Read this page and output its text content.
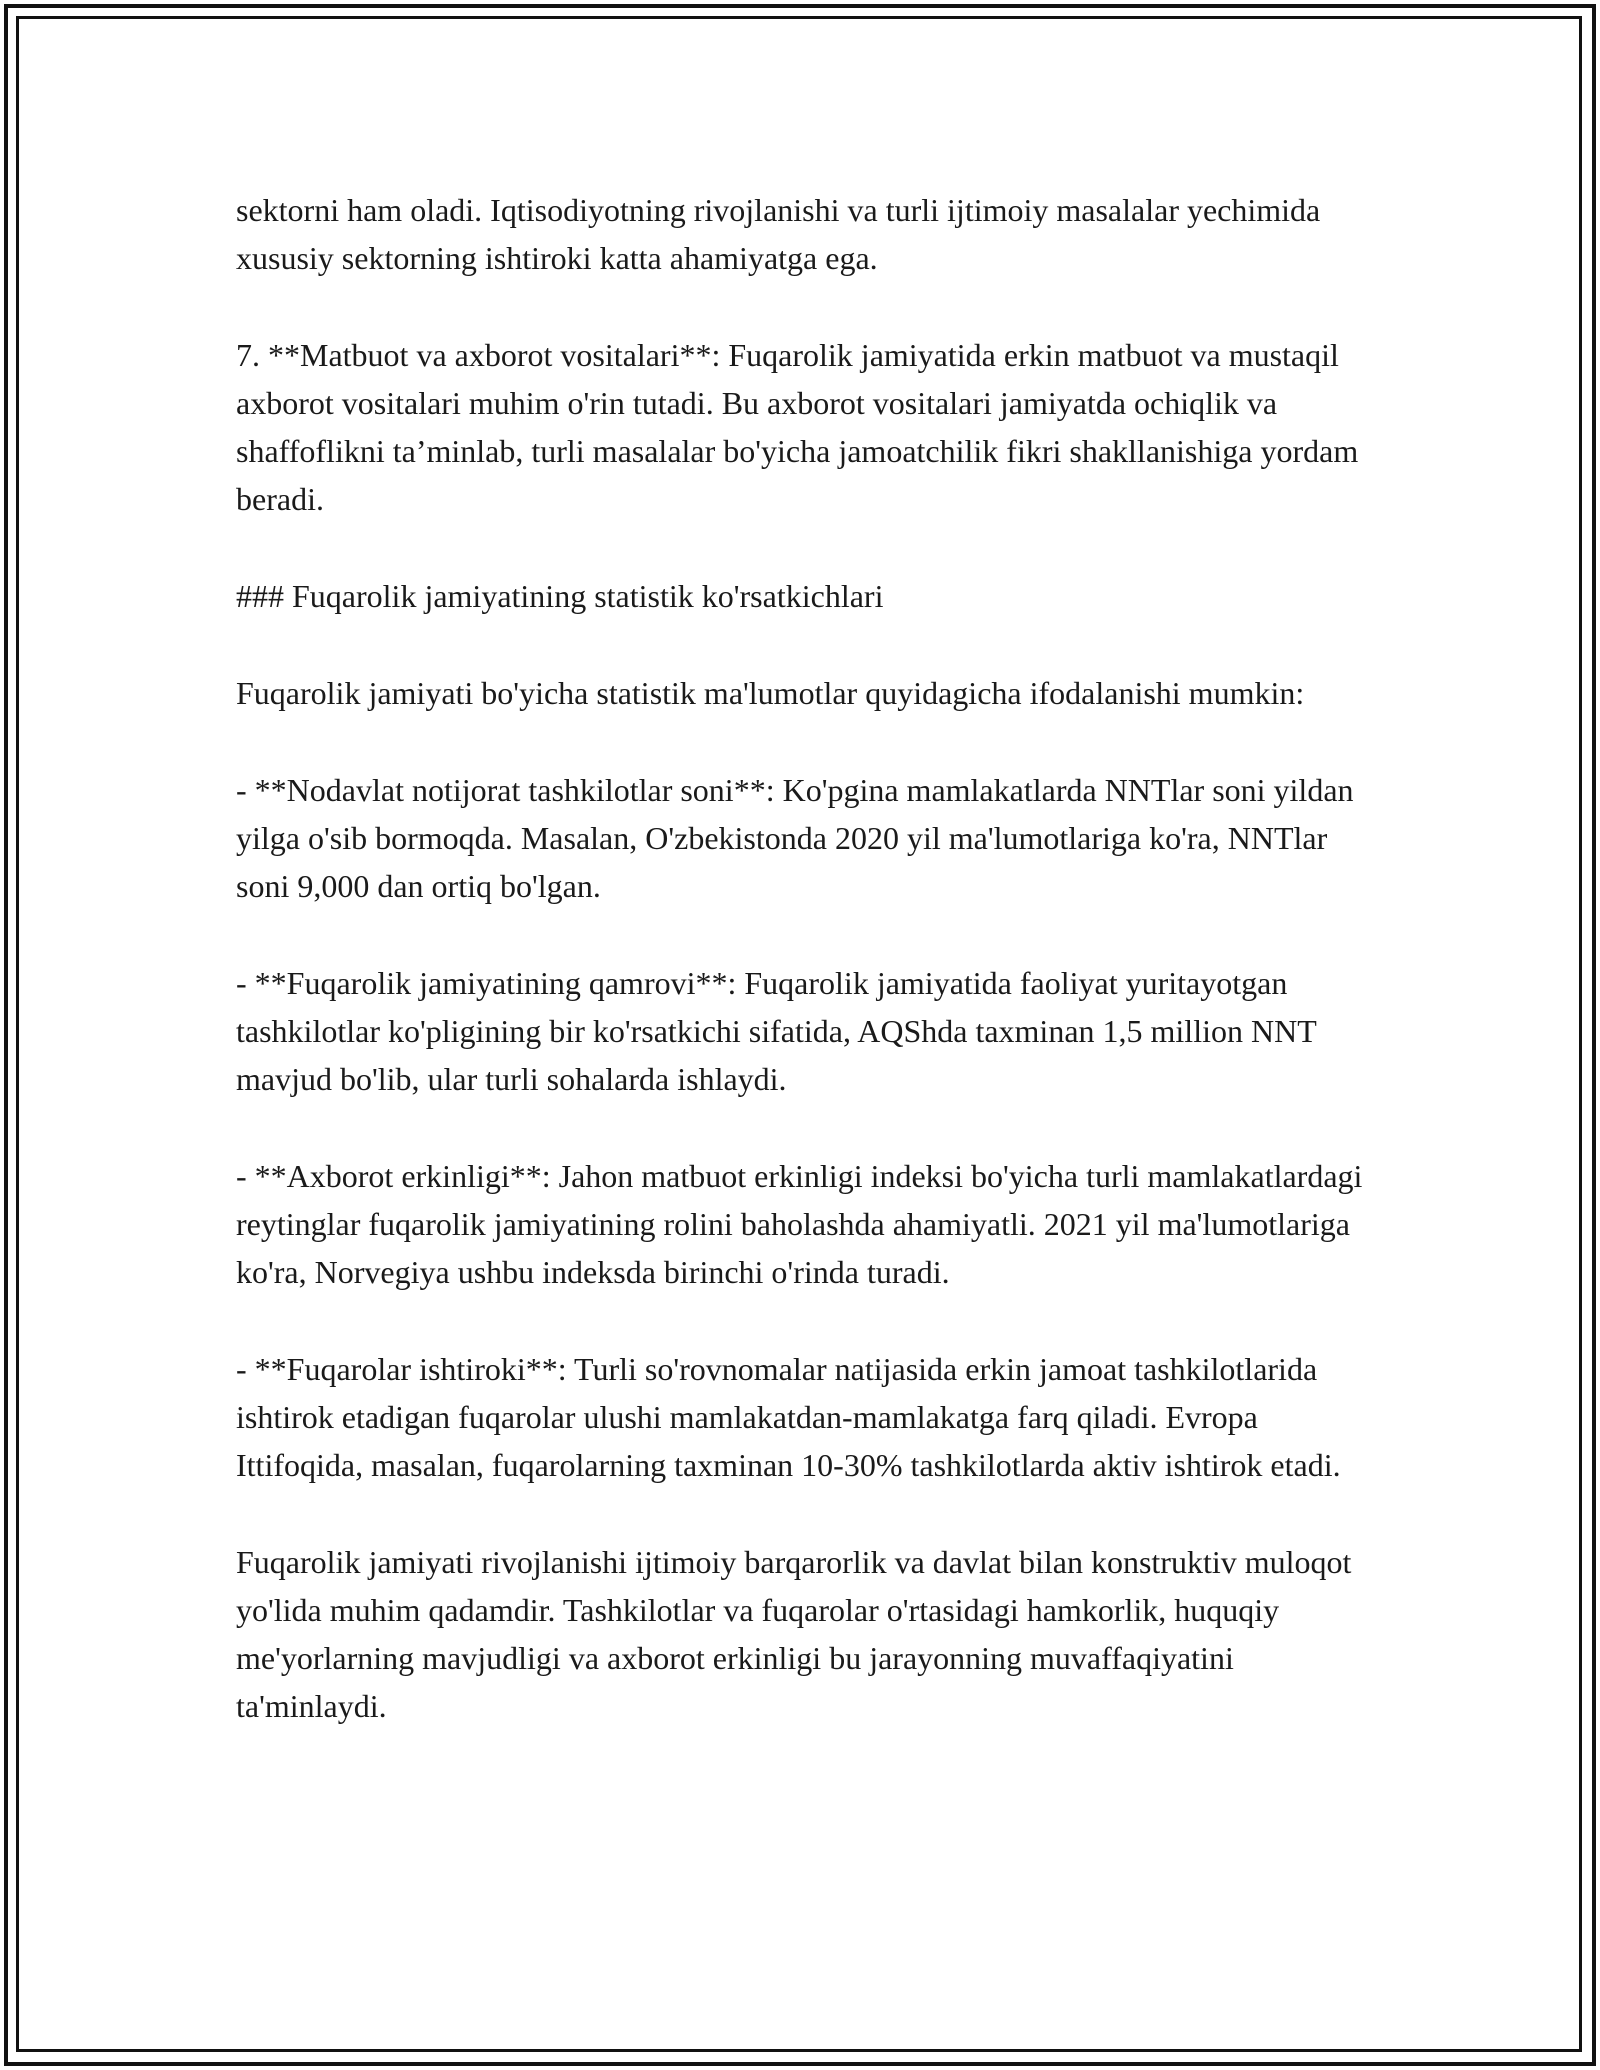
sektorni ham oladi. Iqtisodiyotning rivojlanishi va turli ijtimoiy masalalar yechimida xususiy sektorning ishtiroki katta ahamiyatga ega.

7. **Matbuot va axborot vositalari**: Fuqarolik jamiyatida erkin matbuot va mustaqil axborot vositalari muhim o'rin tutadi. Bu axborot vositalari jamiyatda ochiqlik va shaffoflikni ta’minlab, turli masalalar bo'yicha jamoatchilik fikri shakllanishiga yordam beradi.

### Fuqarolik jamiyatining statistik ko'rsatkichlari

Fuqarolik jamiyati bo'yicha statistik ma'lumotlar quyidagicha ifodalanishi mumkin:

- **Nodavlat notijorat tashkilotlar soni**: Ko'pgina mamlakatlarda NNTlar soni yildan yilga o'sib bormoqda. Masalan, O'zbekistonda 2020 yil ma'lumotlariga ko'ra, NNTlar soni 9,000 dan ortiq bo'lgan.

- **Fuqarolik jamiyatining qamrovi**: Fuqarolik jamiyatida faoliyat yuritayotgan tashkilotlar ko'pligining bir ko'rsatkichi sifatida, AQShda taxminan 1,5 million NNT mavjud bo'lib, ular turli sohalarda ishlaydi.

- **Axborot erkinligi**: Jahon matbuot erkinligi indeksi bo'yicha turli mamlakatlardagi reytinglar fuqarolik jamiyatining rolini baholashda ahamiyatli. 2021 yil ma'lumotlariga ko'ra, Norvegiya ushbu indeksda birinchi o'rinda turadi.

- **Fuqarolar ishtiroki**: Turli so'rovnomalar natijasida erkin jamoat tashkilotlarida ishtirok etadigan fuqarolar ulushi mamlakatdan-mamlakatga farq qiladi. Evropa Ittifoqida, masalan, fuqarolarning taxminan 10-30% tashkilotlarda aktiv ishtirok etadi.

Fuqarolik jamiyati rivojlanishi ijtimoiy barqarorlik va davlat bilan konstruktiv muloqot yo'lida muhim qadamdir. Tashkilotlar va fuqarolar o'rtasidagi hamkorlik, huquqiy me'yorlarning mavjudligi va axborot erkinligi bu jarayonning muvaffaqiyatini ta'minlaydi.
